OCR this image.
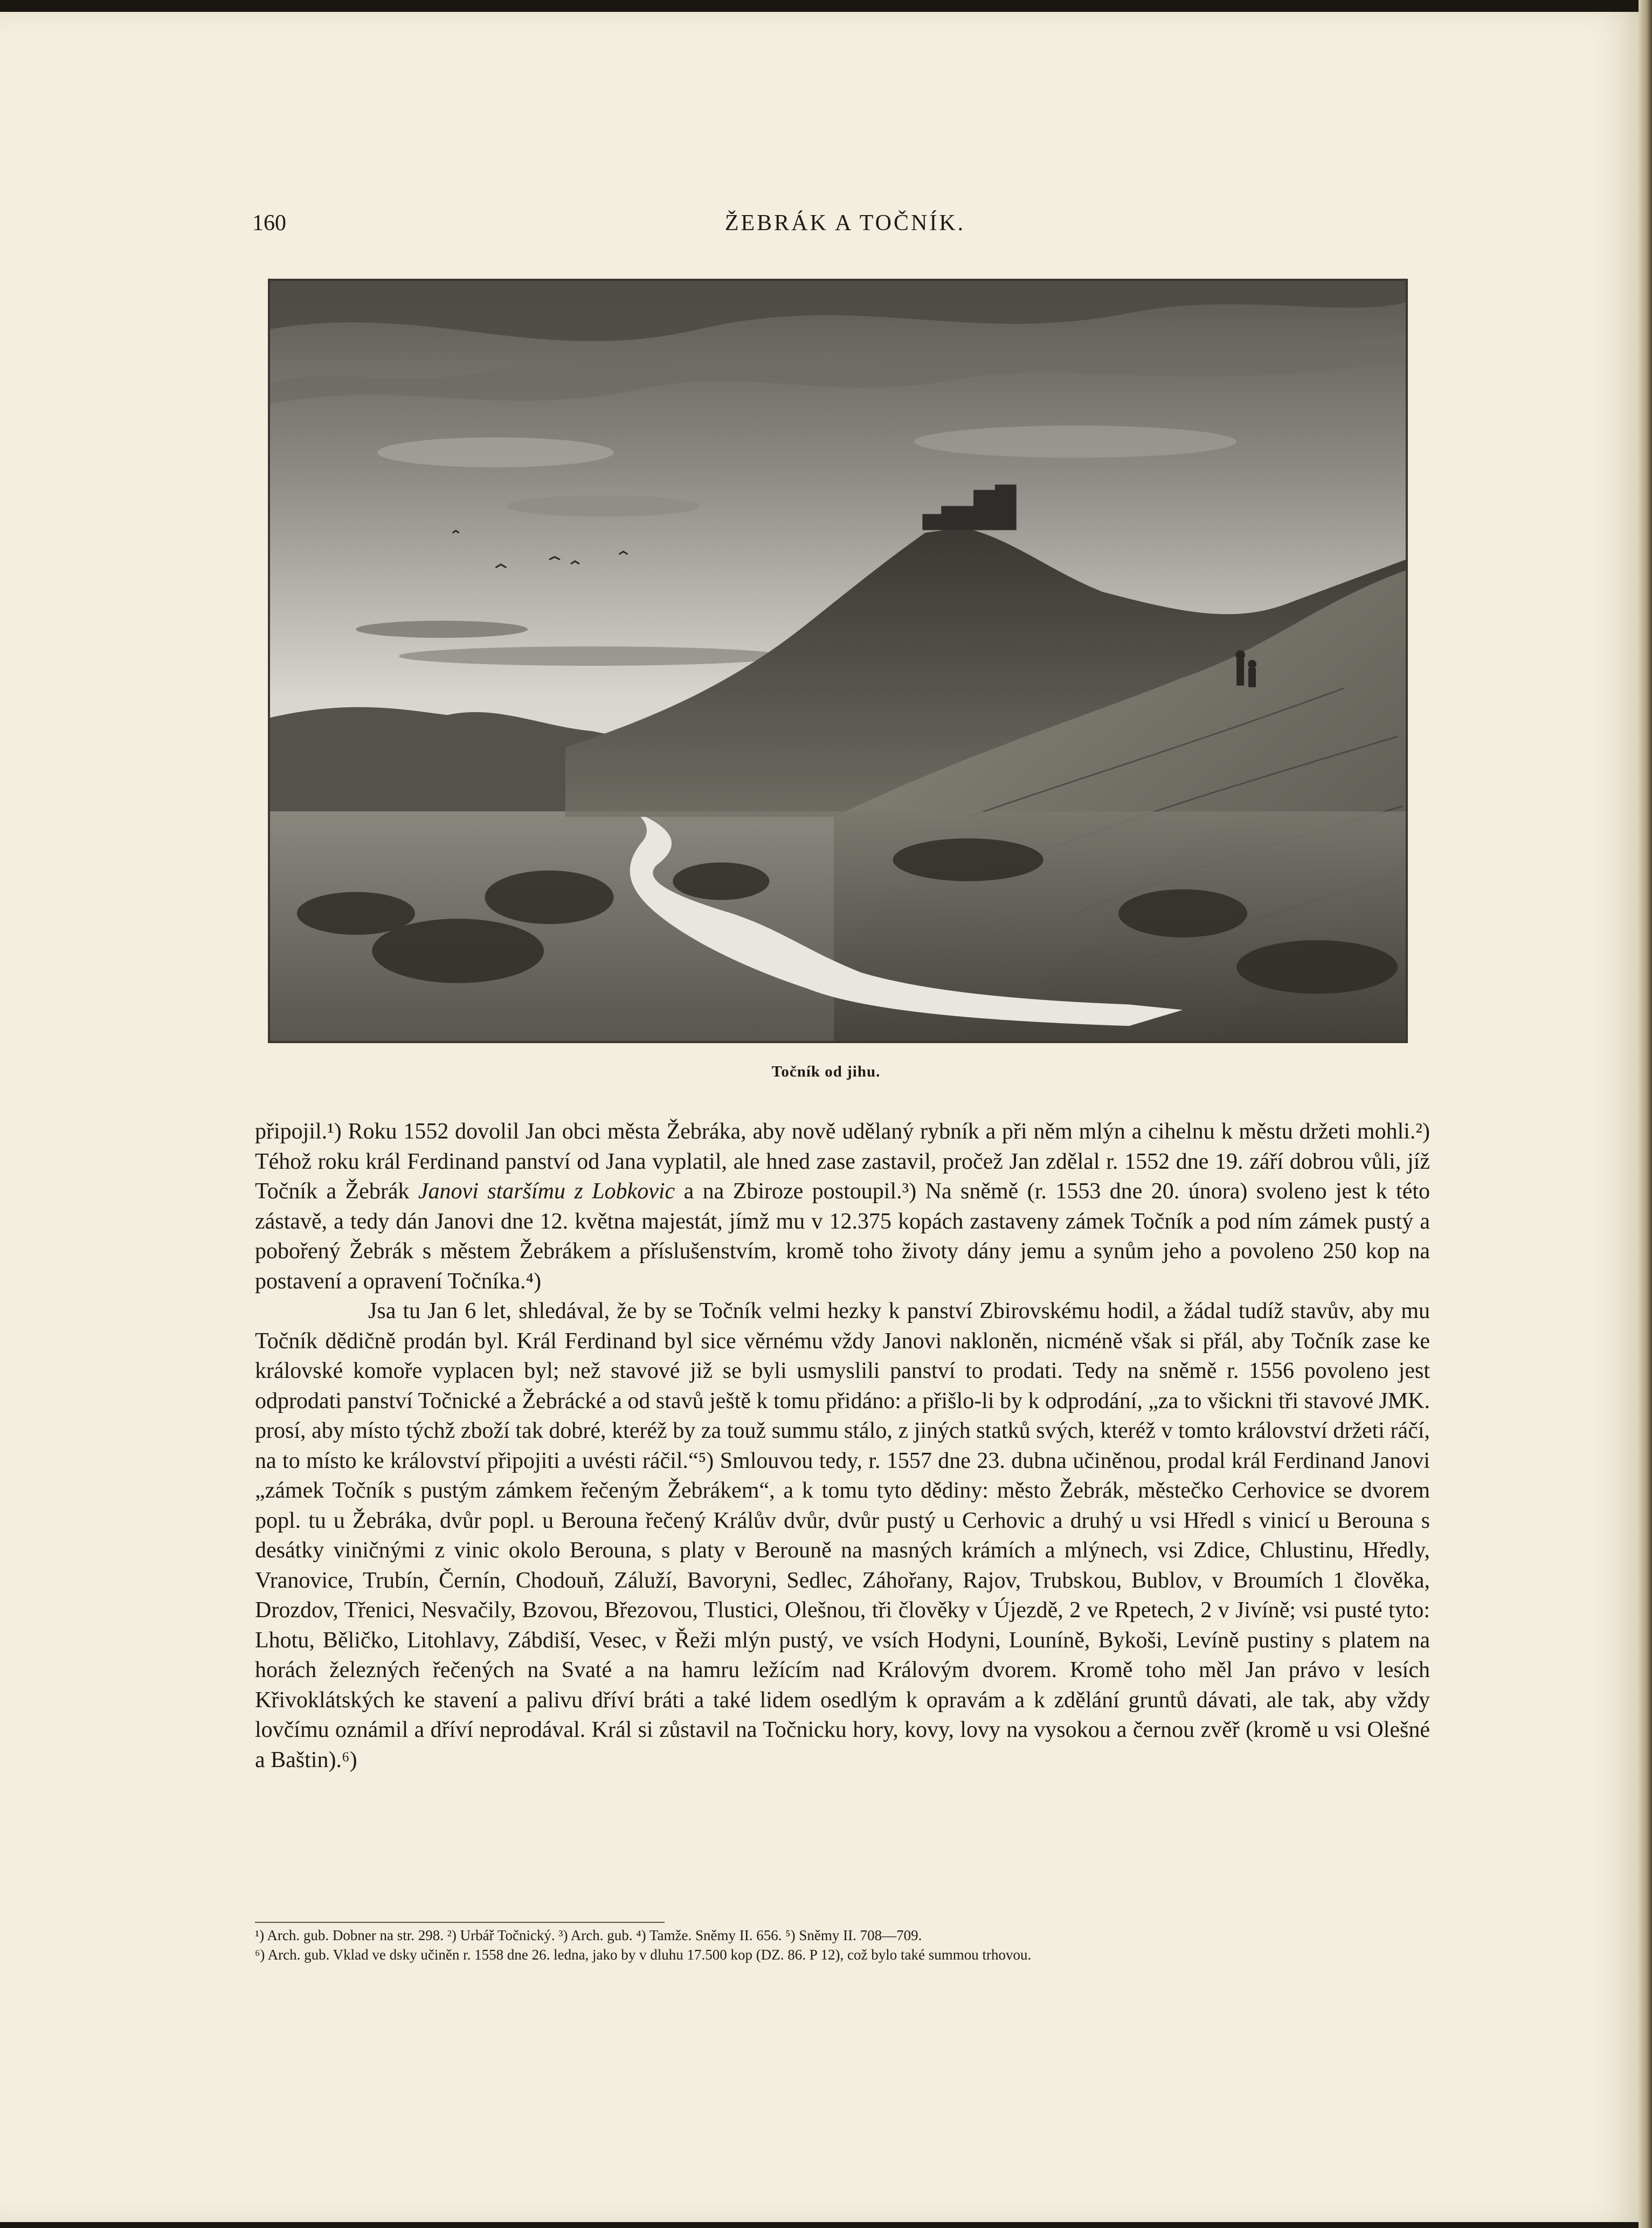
160	ŽEBRÁK A TOČNÍK.
Točník od jihu.

připojil.¹) Roku 1552 dovolil Jan obci města Žebráka, aby nově udělaný rybník a při něm mlýn a cihelnu k městu držeti mohli.²) Téhož roku král Ferdinand panství od Jana vyplatil, ale hned zase zastavil, pročež Jan zdělal r. 1552 dne 19. září dobrou vůli, jíž Točník a Žebrák Janovi staršímu z Lobkovic a na Zbiroze postoupil.³) Na sněmě (r. 1553 dne 20. února) svoleno jest k této zástavě, a tedy dán Janovi dne 12. května majestát, jímž mu v 12.375 kopách zastaveny zámek Točník a pod ním zámek pustý a pobořený Žebrák s městem Žebrákem a příslušenstvím, kromě toho životy dány jemu a synům jeho a povoleno 250 kop na postavení a opravení Točníka.⁴)

Jsa tu Jan 6 let, shledával, že by se Točník velmi hezky k panství Zbirovskému hodil, a žádal tudíž stavův, aby mu Točník dědičně prodán byl. Král Ferdinand byl sice věrnému vždy Janovi nakloněn, nicméně však si přál, aby Točník zase ke královské komoře vyplacen byl; než stavové již se byli usmyslili panství to prodati. Tedy na sněmě r. 1556 povoleno jest odprodati panství Točnické a Žebrácké a od stavů ještě k tomu přidáno: a přišlo-li by k odprodání, „za to všickni tři stavové JMK. prosí, aby místo týchž zboží tak dobré, kteréž by za touž summu stálo, z jiných statků svých, kteréž v tomto království držeti ráčí, na to místo ke království připojiti a uvésti ráčil.“⁵) Smlouvou tedy, r. 1557 dne 23. dubna učiněnou, prodal král Ferdinand Janovi „zámek Točník s pustým zámkem řečeným Žebrákem“, a k tomu tyto dědiny: město Žebrák, městečko Cerhovice se dvorem popl. tu u Žebráka, dvůr popl. u Berouna řečený Králův dvůr, dvůr pustý u Cerhovic a druhý u vsi Hředl s vinicí u Berouna s desátky viničnými z vinic okolo Berouna, s platy v Berouně na masných krámích a mlýnech, vsi Zdice, Chlustinu, Hředly, Vranovice, Trubín, Černín, Chodouň, Záluží, Bavoryni, Sedlec, Záhořany, Rajov, Trubskou, Bublov, v Broumích 1 člověka, Drozdov, Třenici, Nesvačily, Bzovou, Březovou, Tlustici, Olešnou, tři člověky v Újezdě, 2 ve Rpetech, 2 v Jivíně; vsi pusté tyto: Lhotu, Běličko, Litohlavy, Zábdiší, Vesec, v Řeži mlýn pustý, ve vsích Hodyni, Louníně, Bykoši, Levíně pustiny s platem na horách železných řečených na Svaté a na hamru ležícím nad Královým dvorem. Kromě toho měl Jan právo v lesích Křivoklátských ke stavení a palivu dříví bráti a také lidem osedlým k opravám a k zdělání gruntů dávati, ale tak, aby vždy lovčímu oznámil a dříví neprodával. Král si zůstavil na Točnicku hory, kovy, lovy na vysokou a černou zvěř (kromě u vsi Olešné a Baštin).⁶)

¹) Arch. gub. Dobner na str. 298. ²) Urbář Točnický. ³) Arch. gub. ⁴) Tamže. Sněmy II. 656. ⁵) Sněmy II. 708—709.

⁶) Arch. gub. Vklad ve dsky učiněn r. 1558 dne 26. ledna, jako by v dluhu 17.500 kop (DZ. 86. P 12), což bylo také summou trhovou.
